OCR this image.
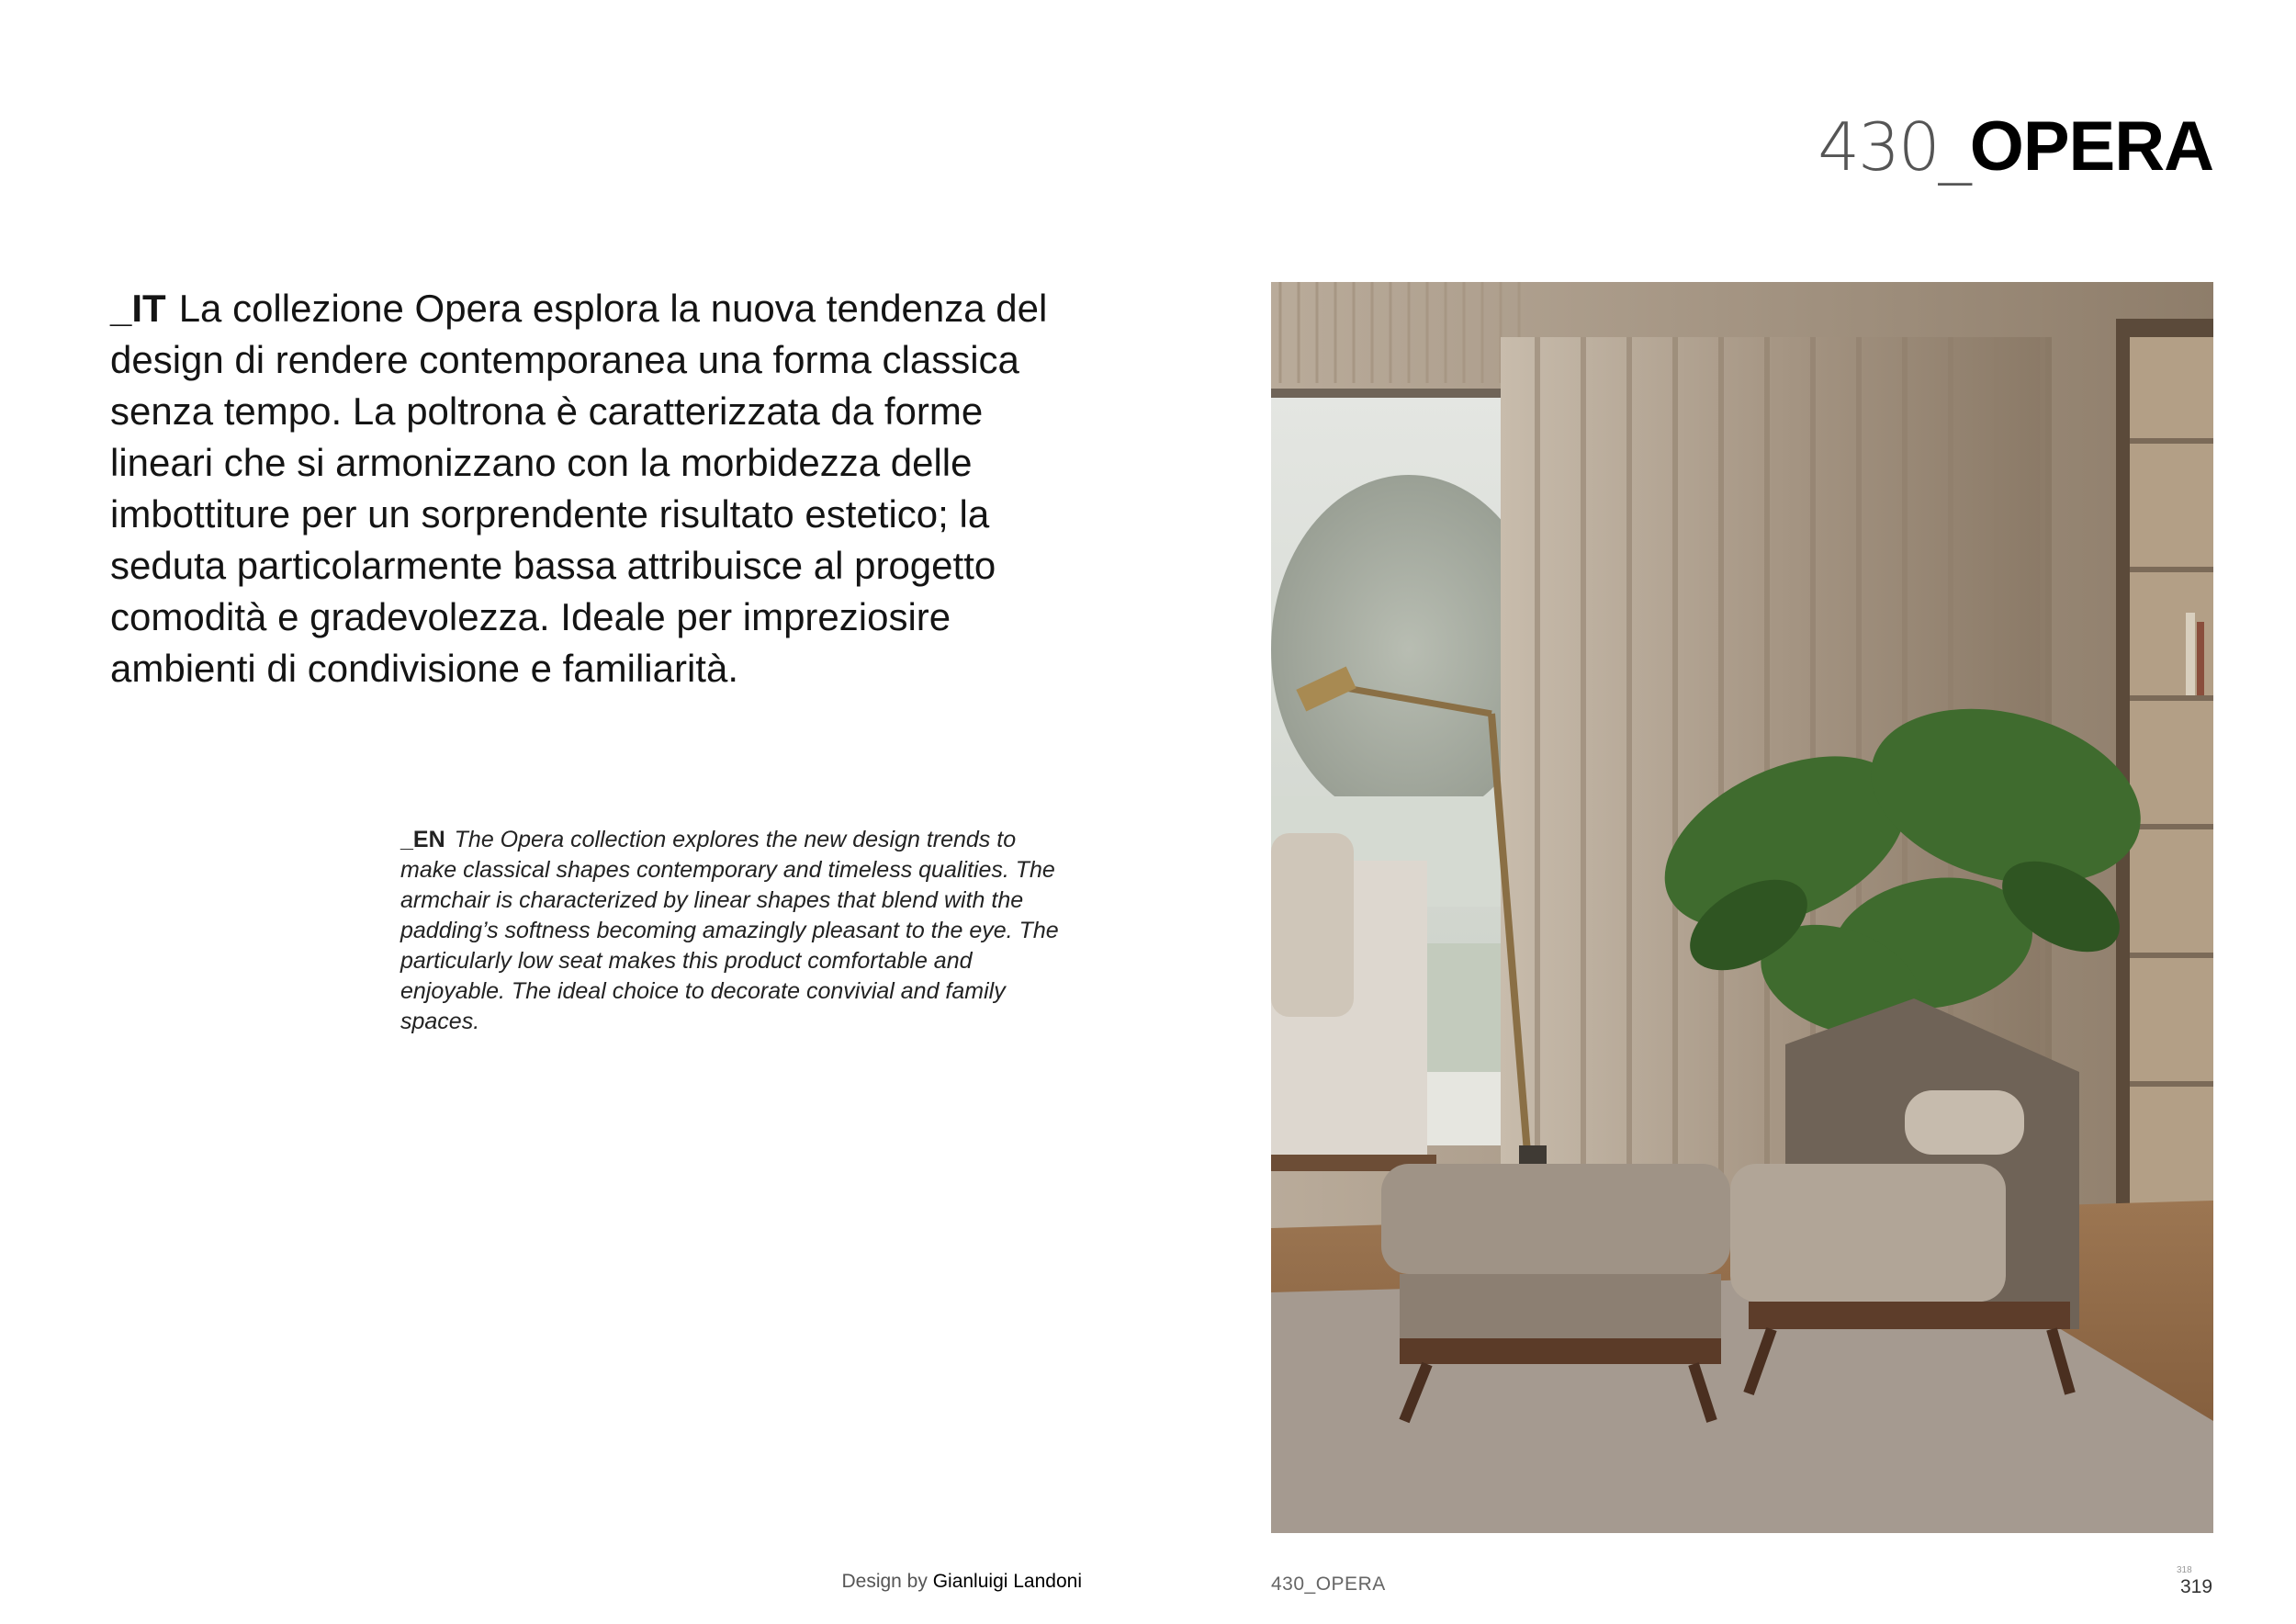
430_OPERA
_IT La collezione Opera esplora la nuova tendenza del design di rendere contemporanea una forma classica senza tempo. La poltrona è caratterizzata da forme lineari che si armonizzano con la morbidezza delle imbottiture per un sorprendente risultato estetico; la seduta particolarmente bassa attribuisce al progetto comodità e gradevolezza. Ideale per impreziosire ambienti di condivisione e familiarità.
_EN The Opera collection explores the new design trends to make classical shapes contemporary and timeless qualities. The armchair is characterized by linear shapes that blend with the padding’s softness becoming amazingly pleasant to the eye. The particularly low seat makes this product comfortable and enjoyable. The ideal choice to decorate convivial and family spaces.
Design by Gianluigi Landoni	430_OPERA
318
319
